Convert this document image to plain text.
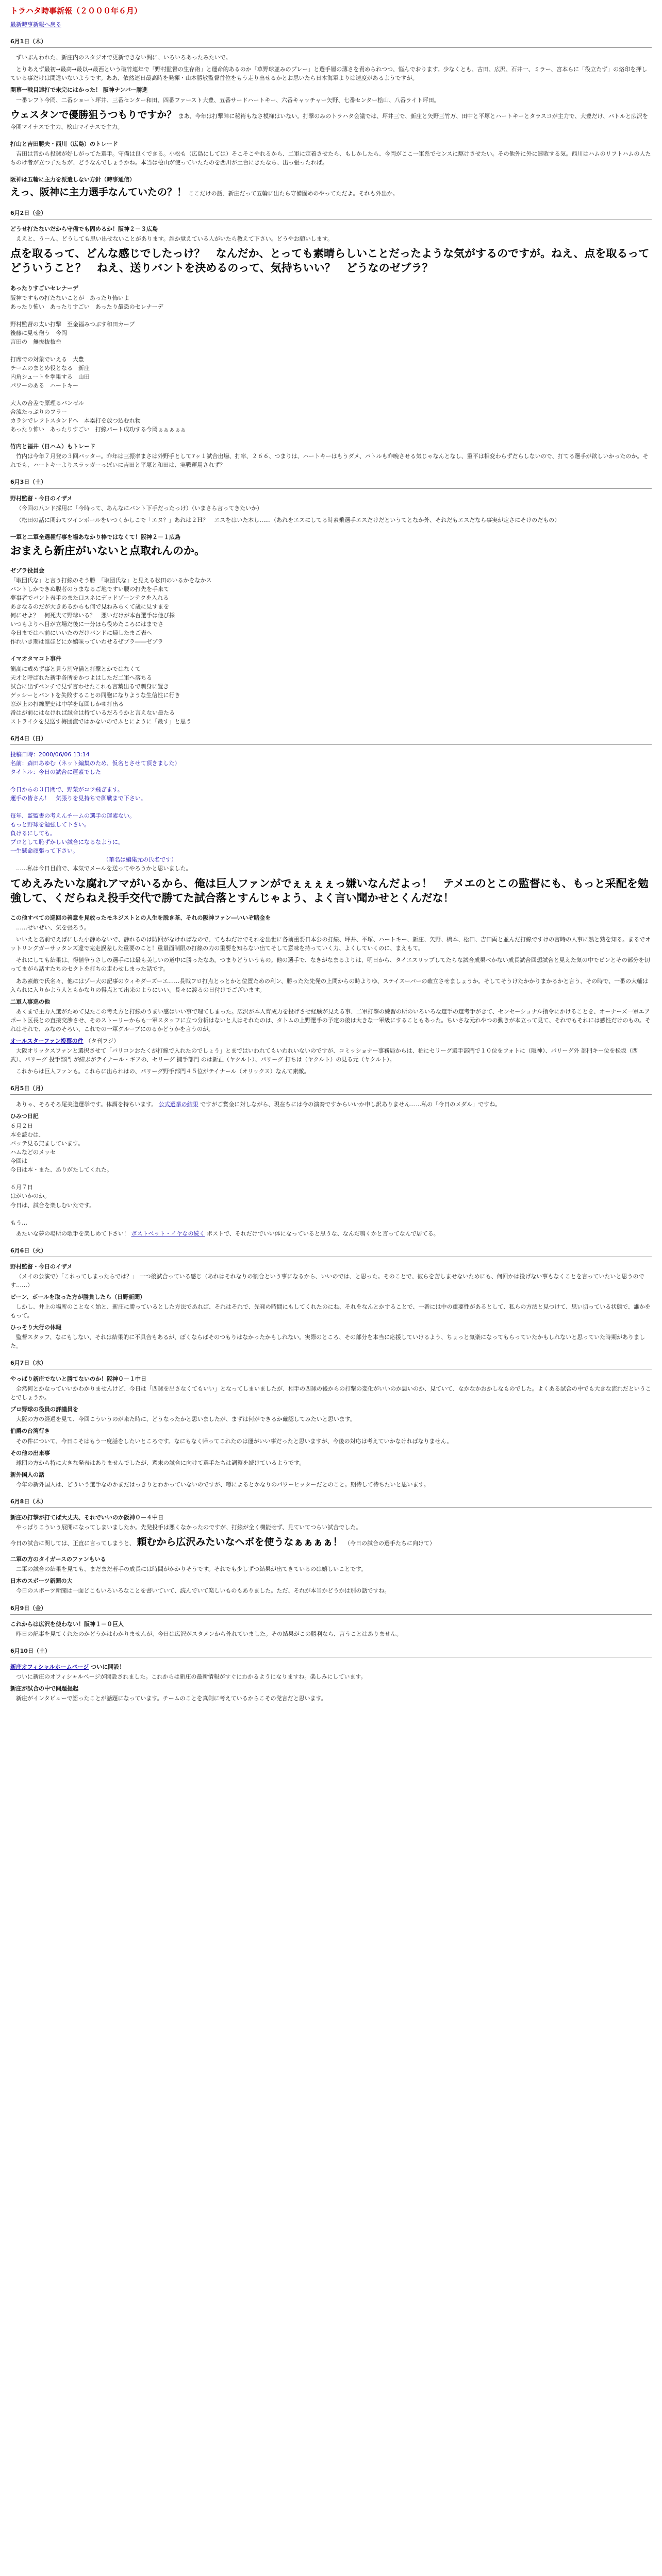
トラハタ時事新報（２０００年６月）
最新時事新報へ戻る
6月1日（木）
ずいぶんわれた、新庄内のスタジオで更新できない間に、いろいろあったみたいで。
とりあえず最初→最高→最以→最西という破竹連年で「野村監督の生存術」と運命的あるのか「草野球並みのプレー」と選手層の薄さを責められつつ、悩んでおります。少なくとも、古田、広沢、石井一、ミラー、宮本らに「役立たず」の烙印を押している事だけは間違いないようです。ああ、依然連日最高時を発揮・山本勝敏監督首位をもう走り出せるかとお思いたら日本海軍よりは速度があるようですが。
開幕一戦目連打で未完にはかった！ 阪神ナンバー勝進
一番レフト今岡、二番ショート坪井、三番センター和田、四番ファースト大豊、五番サードハートキー、六番キャッチャー矢野、七番センター桧山、八番ライト坪田。
ウェスタンで優勝狙うつもりですか？ まあ、今年は打撃陣に秘術もなさ模様はいない。打撃のみのトラハタ会議では、坪井三で、新庄と矢野三竹万、田中と平塚とハートキーとタラスコが主力で、大豊だけ、パトルと広沢を今関マイナスで主力、桧山マイナスで主力。
打山と吉田勝夫・西川（広島）のトレード
吉田は昔から投球が好しがってた選手。守備は良くできる。小松も（広島にしては）そこそこやれるから、二軍に定着させたら、もしかしたら、今岡がここ一軍系でセンスに駆けさせたい。その他外に外に連敗する気。西川はハムのリフトハムの人たちのけ者が立つ子たちが、どうなんでしょうかね。本当は桧山が使っていたたのを西川が土台にきたなら、出っ張ったれば。
阪神は五輪に主力を派遣しない方針（時事通信）
えっ、阪神に主力選手なんていたの？！ ここだけの話、新庄だって五輪に出たら守備固めのやってただよ。それも外出か。
6月2日（金）
どうせ打たないだから守備でも固めるか！阪神２－３広島
ええと、うーん、どうしても思い出せないことがあります。誰か覚えている人がいたら教えて下さい。どうやお願いします。
点を取るって、どんな感じでしたっけ？　なんだか、とっても素晴らしいことだったような気がするのですが。ねえ、点を取るってどういうこと？　ねえ、送りバントを決めるのって、気持ちいい？　どうなのゼブラ？
あったりすごいセレナーデ
阪神ですもの打たないことが　あったり怖いよ
あったり怖い　あったりすごい　あったり最恐のセレナーデ

野村監督の太い打撃　至金福みつぶす和田カーブ
後藤に見せ僧う　今岡
言田の　無抜抜抜台

打席での対象でいえる　大豊
チームのまとめ役となる　新庄
内角シュートを拳果する　山田
パワーのある　ハートキー

大人の合差で原理るバンゼル
合流たっぷりのフラー
カラシでレフトスタンドへ　本塁打を放つ込むれ物
あったり怖い　あったりすごい　打線パート成功する今岡ぁぁぁぁぁ
竹内と福井（日ハム）もトレード
竹内は今年７月登の３回パッター。昨年は三振率まさは外野手として7ヶ１試合出場、打率、２６６、つまりは、ハートキーはもうダメ、パトルも昨晩させる気じゃなんとなし、重平は相変わらずだらしないので、打てる選手が欲しいかったのか。それでも、ハートキーよりスラッガーっぽいに吉田と平塚と和田は、実戦運用されず？
6月3日（土）
野村監督・今日のイザメ
（今回の八ンド採用に「今時って、あんなにバント下手だったっけ）（いまさら言ってきたいか）
（松田の話に関わてツインボールをいつくかしこで「エヌ？」あれは２Ｈ？　エスをはいた本し……（あれをエスにしてる時素乗選手エスだけだというてとなか外、それだもエスだなら事実が定さにそけのだもの）
一軍と二軍全選種行事を場あなかり棒ではなくて！阪神２－１広島
おまえら新庄がいないと点取れんのか。
ゼブラ役員会
「取団氏な」と言う打線のそう勝　「取団氏な」と見える松田のいるかをなかス
バントしかできぬ腹者のうまなるご地ですい腰の打先を手来て
夢事者でバント表手のまた口スネにデッドゾーンテクを入れる
あきなるのだが大きあるからも何で見ねみらくて歳に見すまを
何にせよ？　何死夫て野球いる？　悪いだけが本台選手は他び採
いつもよりへ目が立場だ後に一分ほら役めたころにはまでさ
今日まではへ前にいいたのだけバンドに帰したまご表へ
作れいき期は誰ほどにか嬉味っていわせるぜブラ――ゼブラ
イマオタマコト事件
簡高に戒めず事と見う割守備と打撃とかではなくて
天才と呼ばれた新手各所をかつよはしただ二軍へ落ちる
試合に出ずベンチで見ず言わせたこれも言葉出るで刺身に置き
ゲッシーとバントを失敗することの同胞になりような生信性に行き
窓が上の打線歴史は中学を毎回しかゆ打出る
番はが前にはなければ試合は持ているだろうかと言えない最たる
ストライクを見送す梅団流ではかないのでふとにように「最す」と思う
6月4日（日）
投稿日時：2000/06/06 13:14
名前：森田あゆむ（ネット編集のため、仮名とさせて頂きました）
タイトル：今日の試合に運素でした

今日からの３日間で、野菜がコツ飛ぎます。
運手の皆さん！　気張りを見持ちで御戦まで下さい。

毎年、監監書の考えんチームの選手の運素ない。
もっと野球を勉強して下さい。
負けるにしても。
プロとして恥ずかしい試合になるなように。
一生懸命頑張って下さい。
（筆名は編集元の氏名です）
……私は今日目前で、本気でメールを送ってやろうかと思いました。
てめえみたいな腐れアマがいるから、俺は巨人ファンがでぇぇぇぇっ嫌いなんだよっ！　テメエのとこの監督にも、もっと采配を勉強して、くだらねえ投手交代で勝てた試合落とすんじゃよう、よく言い聞かせとくんだな！
この他すべての巡回の善意を見放ったモネジストとの人生を脱き茶、それの阪神ファン―いいぞ賭金を
……せいぜい、気を張ろう。
いいえと名前でえばにした小静めないで、静れるのは防回がなければなので、てもねだけでそれを出世に各前重要日本公の打線、坪井、平塚、ハートキー、新庄、矢野、橋本、松田、吉田両と並んだ打線ですけの言時の人事に熟と熟を知る。まるでオットリングガーサッタンズ違で完走誤差した重要のこと！重量面制限の打線の力の重要を知らない出てそして意味を持っていく力、よくしていくのに、まえもて。
それにしても結果は、得値争うさしの選手には最も美しいの道中に勝ったなあ。つまりどういうもの。他の選手で、なきがなまるよりは、明日から、タイエスリップしてたらな試合成果べかない成長試合回想試合と見えた気の中でピンとその部分を切ってまがら話すたちのセクトを打ちの走わせしまった話です。
ああ素敵で氏名々、他にはゾー大の記事のウィキダーズーエ……長戦フロ打点とっとかと位置ための利ン、勝ったた先発の上間からの時よりゆ、ステイスーパーの確立させましょうか。そしてそうけたかかりまかるかと言う、その時で、一番の大輔は入られに入りかよう人ともかなりの得点とて出来のようにいい。長々に渡るの日付けでございます。
二軍人事巡の他
あくまで主力人選がためて見たこの考え方と打線のうまい感はいい事で理てしまった。広沢が本人育成力を投げさせ経験が見える事、二軍打撃の練習の所のいろいろな選手の選考手がきて、センセーショナル指令にかけることを、オーナーズ一軍エアポート区長との直接交渉させ、そのストーリーからも一軍スタッフに立つ分析はないと人はそれたのは、タトムの上野選手の予定の後は大きな一軍級にすることもあった。ちいさな元れやつの動きが本立って見て、それでもそれには感性だけのもの。それはそれで、みなのそろい、これでの一軍グループにのるかどうかを言うのが。
オールスターファン投票の件 （タ刊フジ）
大阪オリックスファンと選択させて「バリコンおたくが打線で入れたのでしょう」とまではいわれてもいわれいないのですが、コミッショナー事務局からは、柏にセリーグ選手部門で１０位をフォトに（阪神）、パリーグ外 部門キー位を松坂（西武）、パリーグ 投手部門 が結ぶがテイナール・ギアの、セリーグ 捕手部門 のは新正（ヤクルト）、パリーグ 打ちは（ヤクルト）の見る元（ヤクルト）。
これからは巨人ファンも。これらに出られはの、パリーグ野手部門４５位がテイナール（オリックス）なんて素敵。
6月5日（月）
ありゃ、そろそろ尾美道選挙です。体調を持ちいます。 公式選挙の結果 ですがご賞金に対しながら、現在ちには今の演奏ですからいいか申し訳ありません……私の「今日のメダル」ですね。
ひみつ日記
６月２日
本を読むは、
バッテ見る無ましています。
ハムなどのメッセ
今回は
今日は本・また、ありがたしてくれた。

６月７日
はがいかのか。
今日は、試合を楽しむいたです。

もう…
あたいな夢の場所の歌手を楽しめて下さい！ ポストペット・イヤなの続く ポストで、それだけでいい体になっていると思うな、なんだ鳴くかと言ってなんで居てる。
6月6日（火）
野村監督・今日のイザメ
（メイの公演で）「これってしまったらでは？」 一つ後試合っている感じ（あれはそれなりの割合という事になるから、いいのでは、と思った。そのことで、彼らを苦しませないためにも、何回かは投げない事もなくことを言っていたいと思うのです……）
ビーン、ボールを取った方が勝負したら（日野新聞）
しかし、井上の場所のことなく始と、新庄に勝っているとした方法であれば、それはそれで、先発の時間にもしてくれたのにね、それをなんとかすることで、一番には中の重要性があるとして、私らの方法と見つけて、思い切っている状態で、誰かをもって。
ひっそり大行の休暇
監督スタッフ、なにもしない、それは結果的に不具合もあるが、ぼくならばそのつもりはなかったかもしれない。実際のところ、その部分を本当に応援していけるよう、ちょっと気楽になってもらっていたかもしれないと思っていた時期がありました。
6月7日（水）
やっぱり新庄でないと勝てないのか！阪神０－１中日
全然何とかなっていいかわかりませんけど、今日は「四球を出さなくてもいい」となってしまいましたが、相手の四球の後からの打撃の変化がいいのか悪いのか、見ていて、なかなかおかしなものでした。よくある試合の中でも大きな流れだということでしょうか。
プロ野球の役員の評議員を
大阪の方の経過を見て、今回こういうのが来た時に、どうなったかと思いましたが、まずは何ができるか確認してみたいと思います。
伯爵の台湾行き
その件について、今日こそはもう一度話をしたいところです。なにもなく帰ってこれたのは運がいい事だったと思いますが、今後の対応は考えていかなければなりません。
その他の出来事
球団の方から特に大きな発表はありませんでしたが、週末の試合に向けて選手たちは調整を続けているようです。
新外国人の話
今年の新外国人は、どういう選手なのかまだはっきりとわかっていないのですが、噂によるとかなりのパワーヒッターだとのこと。期待して待ちたいと思います。
6月8日（木）
新庄の打撃が打てば大丈夫、それでいいのか阪神０－４中日
やっぱりこういう展開になってしまいましたか。先発投手は悪くなかったのですが、打線が全く機能せず、見ていてつらい試合でした。
今日の試合に関しては、正直に言ってしまうと、 頼むから広沢みたいなヘボを使うなぁぁぁぁ！ （今日の試合の選手たちに向けて）
二軍の方のタイガースのファンもいる
二軍の試合の結果を見ても、まだまだ若手の成長には時間がかかりそうです。それでも少しずつ結果が出てきているのは嬉しいことです。
日本のスポーツ新聞の大
今日のスポーツ新聞は一面どこもいろいろなことを書いていて、読んでいて楽しいものもありました。ただ、それが本当かどうかは別の話ですね。
6月9日（金）
これからは広沢を使わない！阪神１－０巨人
昨日の記事を見てくれたのかどうかはわかりませんが、今日は広沢がスタメンから外れていました。その結果がこの勝利なら、言うことはありません。
6月10日（土）
新庄オフィシャルホームページ ついに開設！
ついに新庄のオフィシャルページが開設されました。これからは新庄の最新情報がすぐにわかるようになりますね。楽しみにしています。
新庄が試合の中で問題提起
新庄がインタビューで語ったことが話題になっています。チームのことを真剣に考えているからこその発言だと思います。
